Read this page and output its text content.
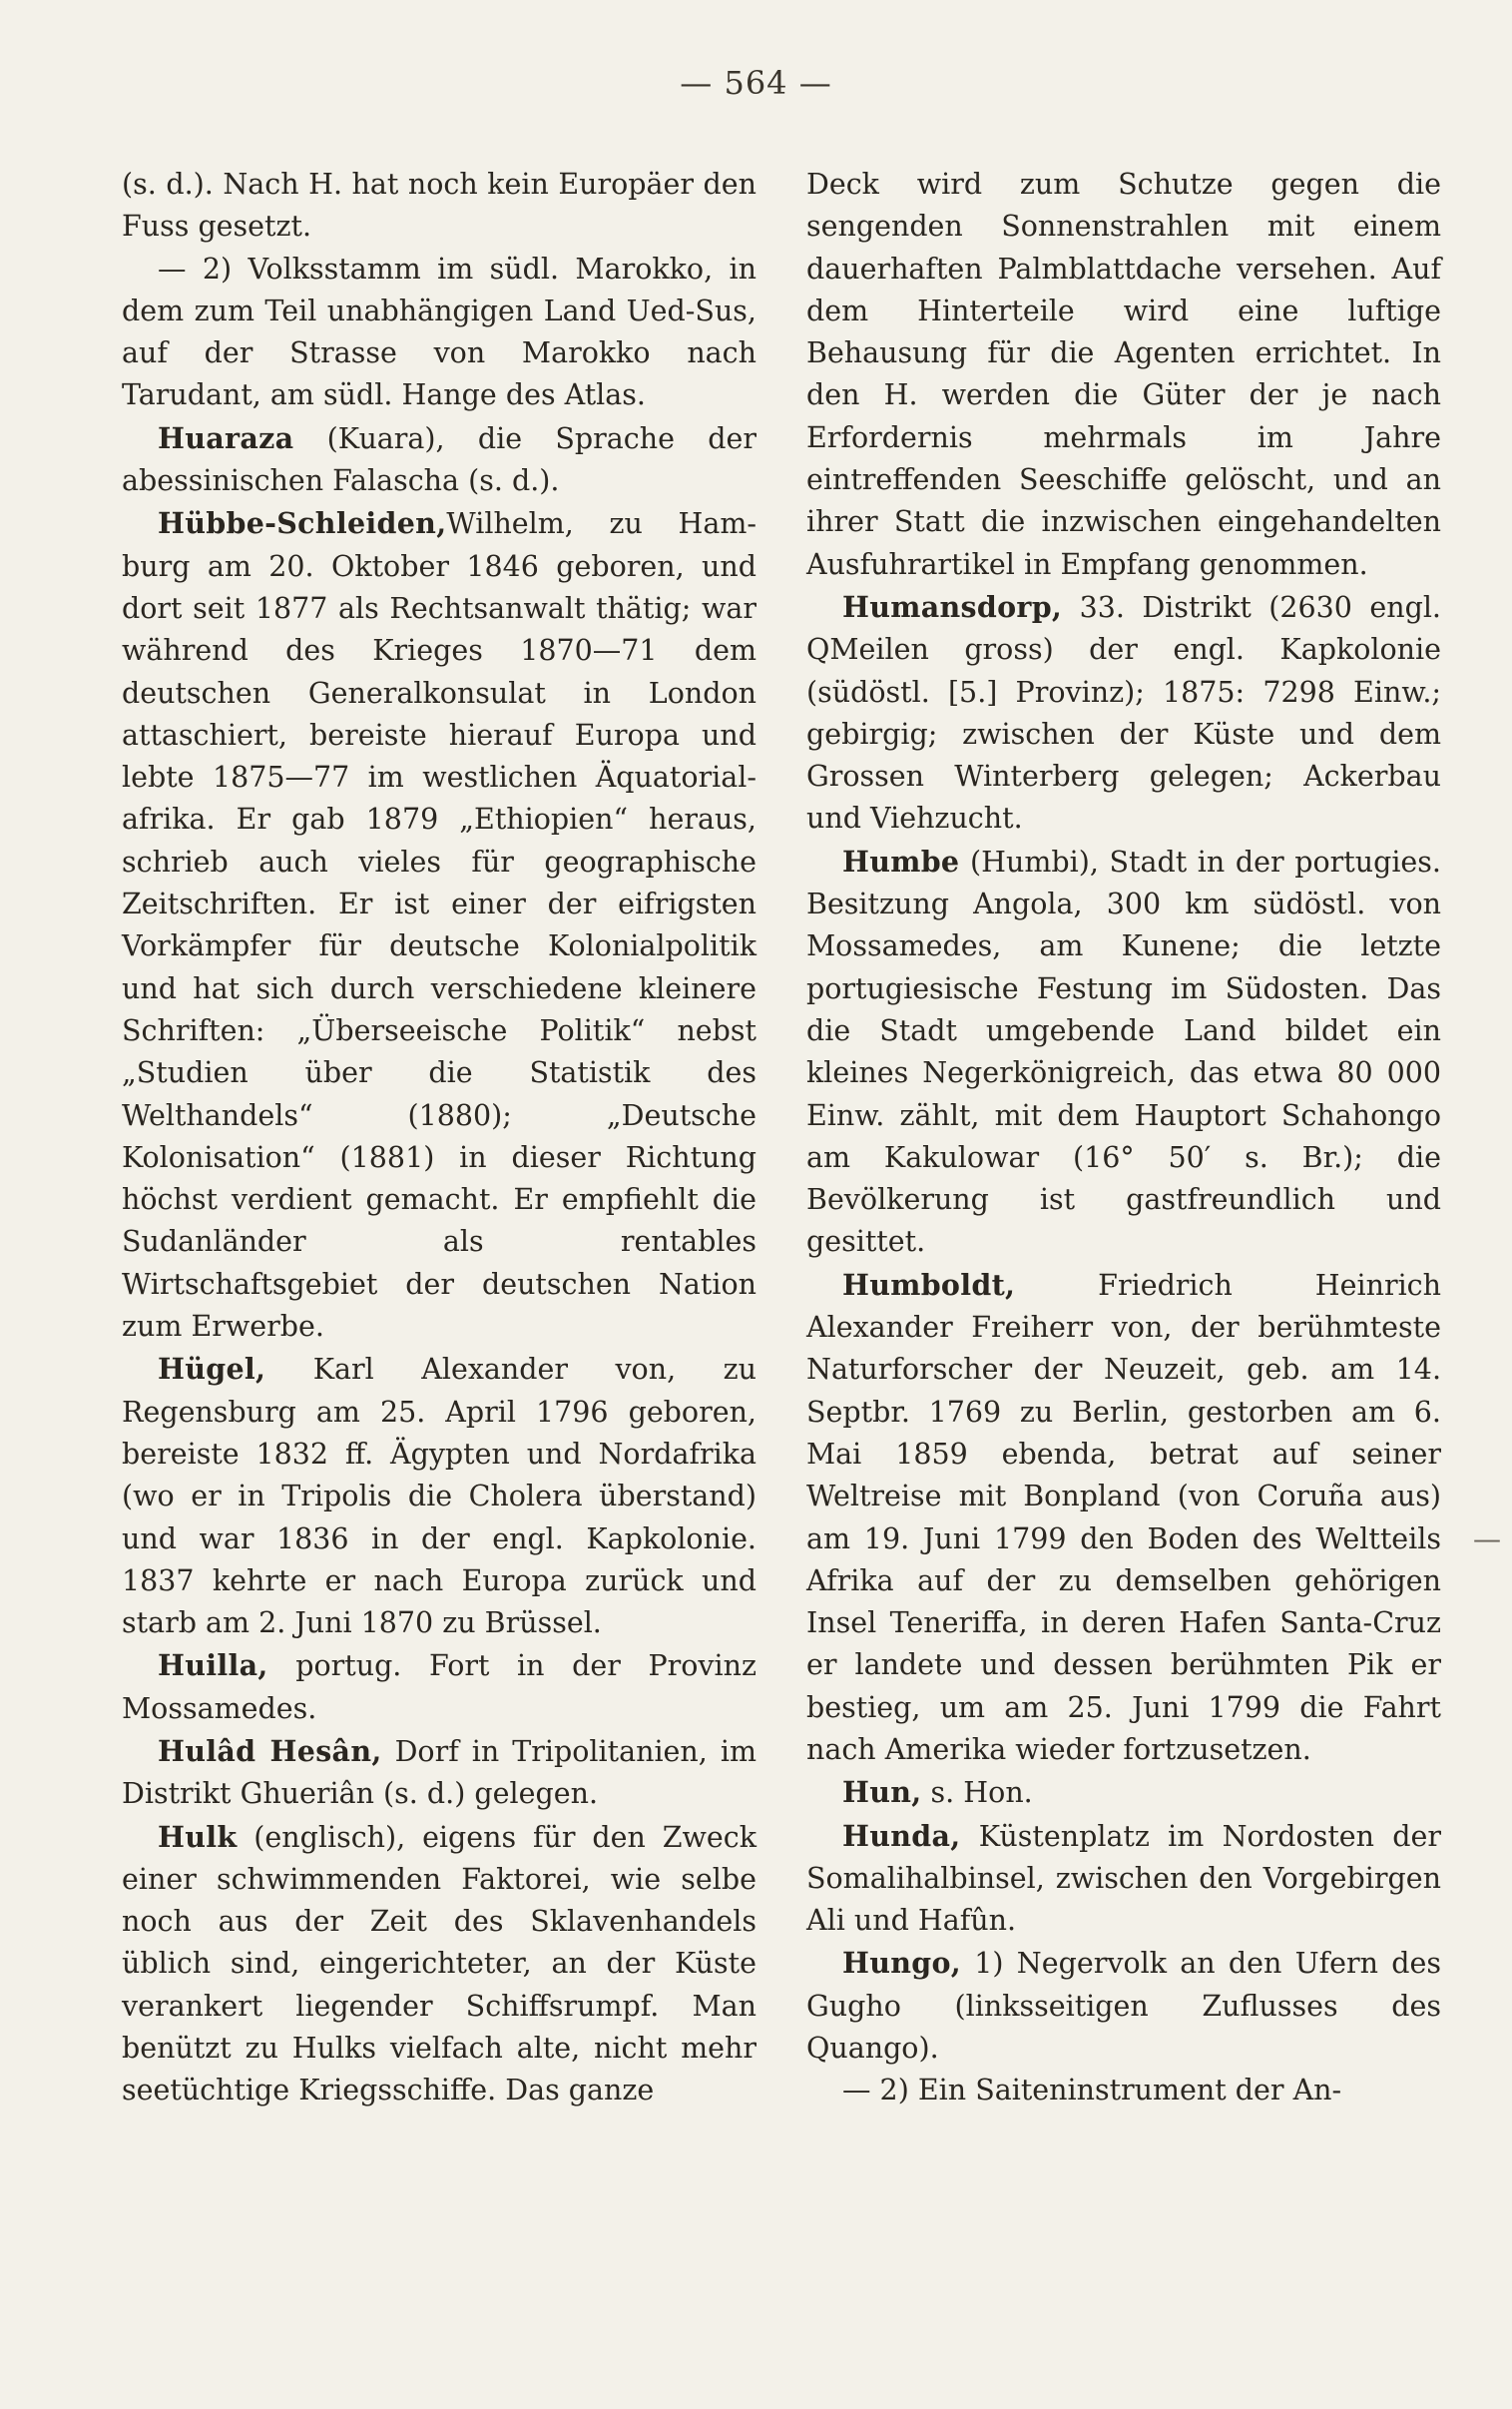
— 564 —

(s. d.). Nach H. hat noch kein Europäer den Fuss gesetzt.

— 2) Volksstamm im südl. Marokko, in dem zum Teil unabhängigen Land Ued-Sus, auf der Strasse von Marokko nach Tarudant, am südl. Hange des Atlas.

Huaraza (Kuara), die Sprache der abessinischen Falascha (s. d.).

Hübbe-Schleiden,Wilhelm, zu Hamburg am 20. Oktober 1846 geboren, und dort seit 1877 als Rechtsanwalt thätig; war während des Krieges 1870—71 dem deutschen Generalkonsulat in London attaschiert, bereiste hierauf Europa und lebte 1875—77 im westlichen Äquatorialafrika. Er gab 1879 „Ethiopien“ heraus, schrieb auch vieles für geographische Zeitschriften. Er ist einer der eifrigsten Vorkämpfer für deutsche Kolonialpolitik und hat sich durch verschiedene kleinere Schriften: „Überseeische Politik“ nebst „Studien über die Statistik des Welthandels“ (1880); „Deutsche Kolonisation“ (1881) in dieser Richtung höchst verdient gemacht. Er empfiehlt die Sudanländer als rentables Wirtschaftsgebiet der deutschen Nation zum Erwerbe.

Hügel, Karl Alexander von, zu Regensburg am 25. April 1796 geboren, bereiste 1832 ff. Ägypten und Nordafrika (wo er in Tripolis die Cholera überstand) und war 1836 in der engl. Kapkolonie. 1837 kehrte er nach Europa zurück und starb am 2. Juni 1870 zu Brüssel.

Huilla, portug. Fort in der Provinz Mossamedes.

Hulâd Hesân, Dorf in Tripolitanien, im Distrikt Ghueriân (s. d.) gelegen.

Hulk (englisch), eigens für den Zweck einer schwimmenden Faktorei, wie selbe noch aus der Zeit des Sklavenhandels üblich sind, eingerichteter, an der Küste verankert liegender Schiffsrumpf. Man benützt zu Hulks vielfach alte, nicht mehr seetüchtige Kriegsschiffe. Das ganze

Deck wird zum Schutze gegen die sengenden Sonnenstrahlen mit einem dauerhaften Palmblattdache versehen. Auf dem Hinterteile wird eine luftige Behausung für die Agenten errichtet. In den H. werden die Güter der je nach Erfordernis mehrmals im Jahre eintreffenden Seeschiffe gelöscht, und an ihrer Statt die inzwischen eingehandelten Ausfuhrartikel in Empfang genommen.

Humansdorp, 33. Distrikt (2630 engl. QMeilen gross) der engl. Kapkolonie (südöstl. [5.] Provinz); 1875: 7298 Einw.; gebirgig; zwischen der Küste und dem Grossen Winterberg gelegen; Ackerbau und Viehzucht.

Humbe (Humbi), Stadt in der portugies. Besitzung Angola, 300 km südöstl. von Mossamedes, am Kunene; die letzte portugiesische Festung im Südosten. Das die Stadt umgebende Land bildet ein kleines Negerkönigreich, das etwa 80 000 Einw. zählt, mit dem Hauptort Schahongo am Kakulowar (16° 50′ s. Br.); die Bevölkerung ist gastfreundlich und gesittet.

Humboldt, Friedrich Heinrich Alexander Freiherr von, der berühmteste Naturforscher der Neuzeit, geb. am 14. Septbr. 1769 zu Berlin, gestorben am 6. Mai 1859 ebenda, betrat auf seiner Weltreise mit Bonpland (von Coruña aus) am 19. Juni 1799 den Boden des Weltteils Afrika auf der zu demselben gehörigen Insel Teneriffa, in deren Hafen Santa-Cruz er landete und dessen berühmten Pik er bestieg, um am 25. Juni 1799 die Fahrt nach Amerika wieder fortzusetzen.

Hun, s. Hon.

Hunda, Küstenplatz im Nordosten der Somalihalbinsel, zwischen den Vorgebirgen Ali und Hafûn.

Hungo, 1) Negervolk an den Ufern des Gugho (linksseitigen Zuflusses des Quango).

— 2) Ein Saiteninstrument der An-

—
